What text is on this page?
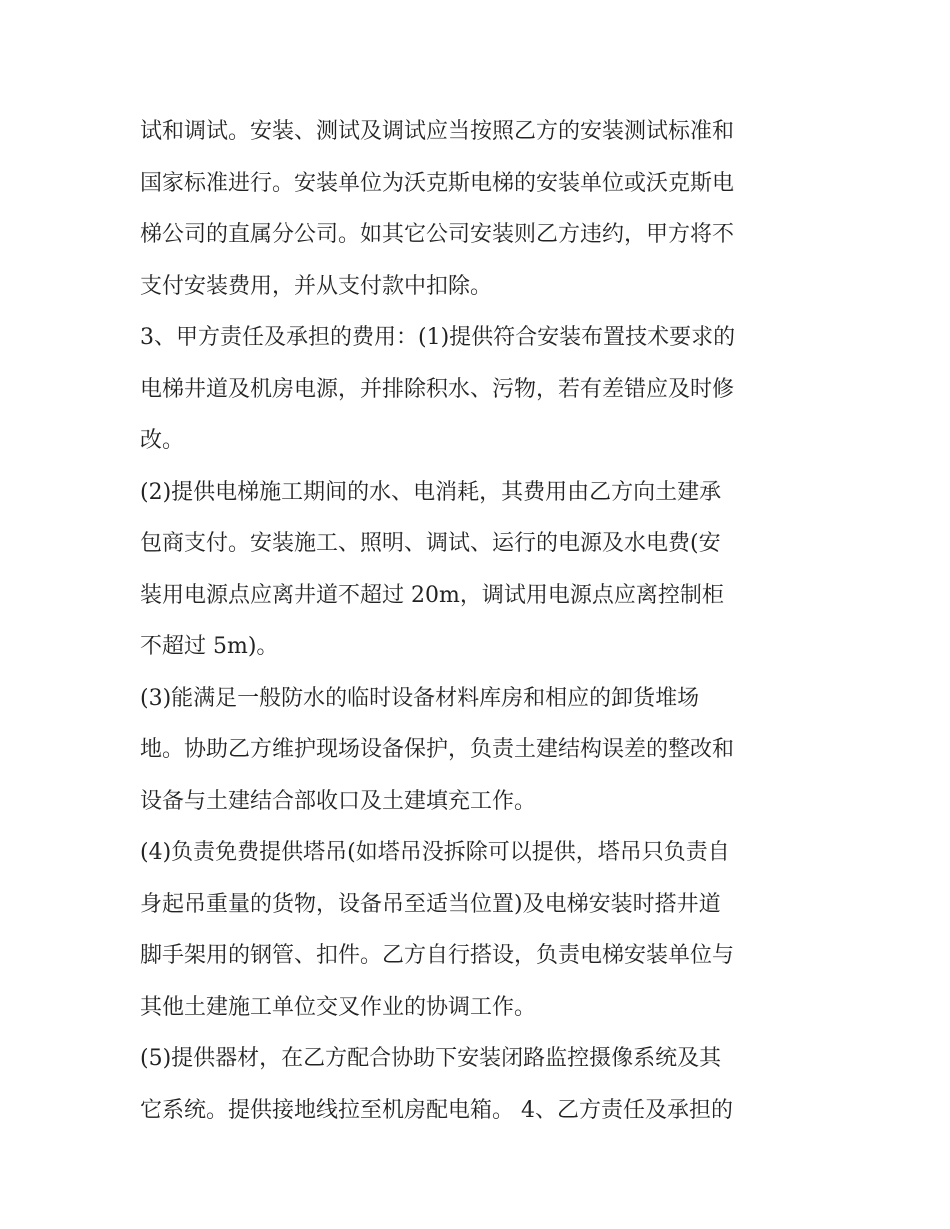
试和调试。安装、测试及调试应当按照乙方的安装测试标准和
国家标准进行。安装单位为沃克斯电梯的安装单位或沃克斯电
梯公司的直属分公司。如其它公司安装则乙方违约，甲方将不
支付安装费用，并从支付款中扣除。
3、甲方责任及承担的费用：(1)提供符合安装布置技术要求的
电梯井道及机房电源，并排除积水、污物，若有差错应及时修
改。
(2)提供电梯施工期间的水、电消耗，其费用由乙方向土建承
包商支付。安装施工、照明、调试、运行的电源及水电费(安
装用电源点应离井道不超过 20m，调试用电源点应离控制柜
不超过 5m)。
(3)能满足一般防水的临时设备材料库房和相应的卸货堆场
地。协助乙方维护现场设备保护，负责土建结构误差的整改和
设备与土建结合部收口及土建填充工作。
(4)负责免费提供塔吊(如塔吊没拆除可以提供，塔吊只负责自
身起吊重量的货物，设备吊至适当位置)及电梯安装时搭井道
脚手架用的钢管、扣件。乙方自行搭设，负责电梯安装单位与
其他土建施工单位交叉作业的协调工作。
(5)提供器材，在乙方配合协助下安装闭路监控摄像系统及其
它系统。提供接地线拉至机房配电箱。 4、乙方责任及承担的
